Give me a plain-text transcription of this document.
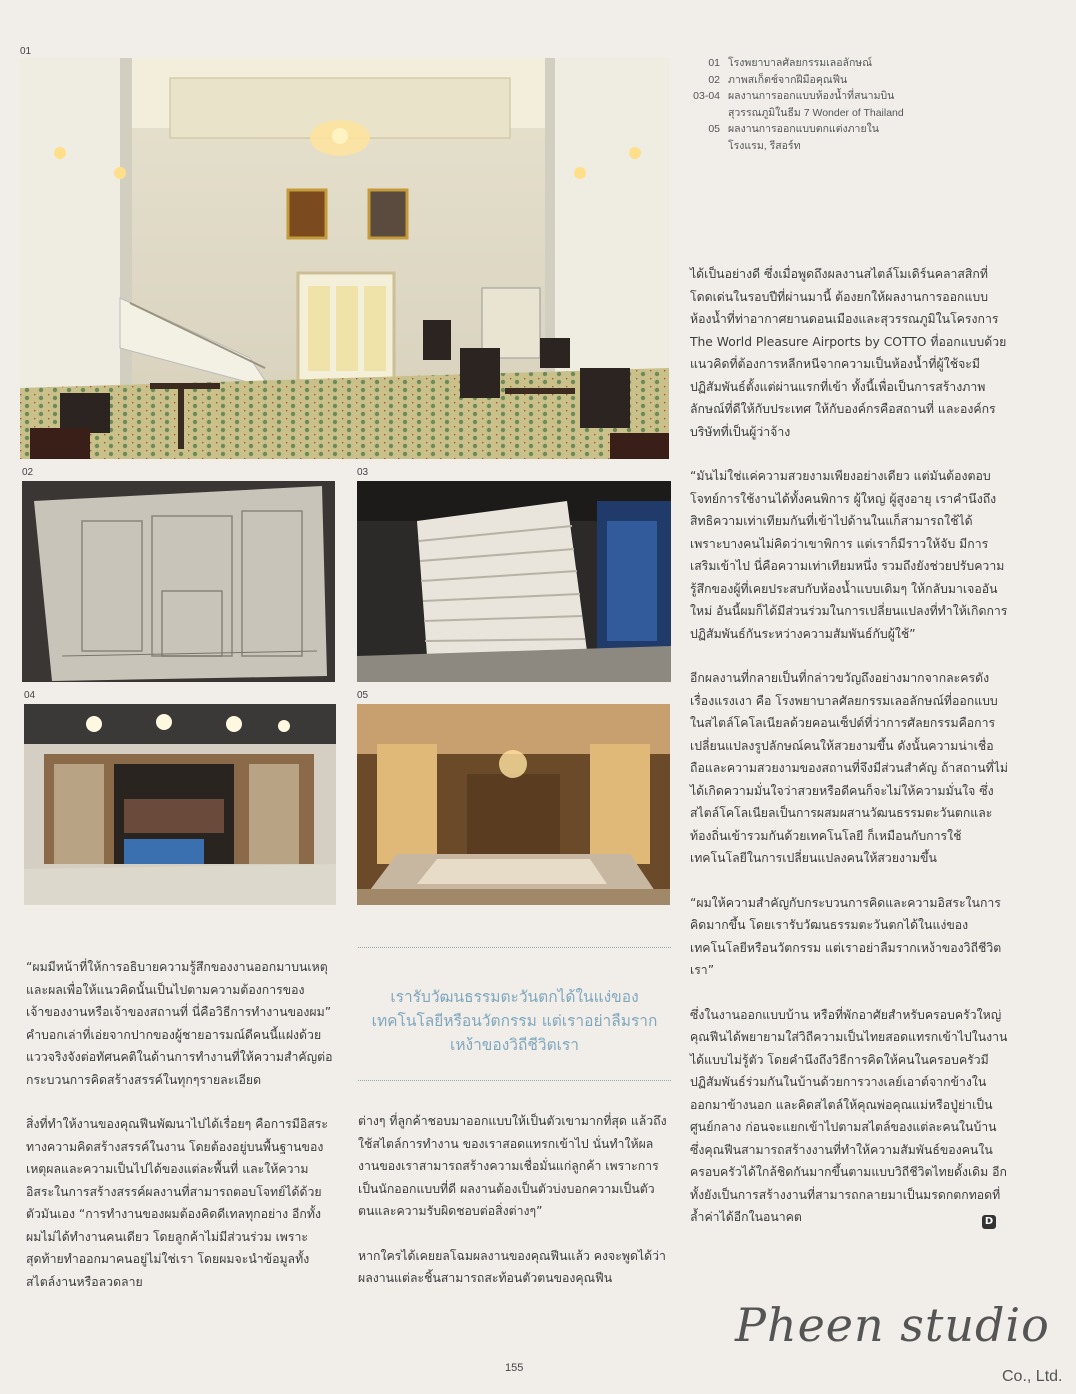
01
02	03
04	05
01 โรงพยาบาลศัลยกรรมเลอลักษณ์
02 ภาพสเก็ตช์จากฝีมือคุณฟีน
03-04 ผลงานการออกแบบห้องน้ำที่สนามบิน
สุวรรณภูมิในธีม 7 Wonder of Thailand
05 ผลงานการออกแบบตกแต่งภายใน
โรงแรม, รีสอร์ท

ได้เป็นอย่างดี ซึ่งเมื่อพูดถึงผลงานสไตล์โมเดิร์นคลาสสิกที่โดดเด่นในรอบปีที่ผ่านมานี้ ต้องยกให้ผลงานการออกแบบห้องน้ำที่ท่าอากาศยานดอนเมืองและสุวรรณภูมิในโครงการ The World Pleasure Airports by COTTO ที่ออกแบบด้วยแนวคิดที่ต้องการหลีกหนีจากความเป็นห้องน้ำที่ผู้ใช้จะมีปฏิสัมพันธ์ตั้งแต่ผ่านแรกที่เข้า ทั้งนี้เพื่อเป็นการสร้างภาพลักษณ์ที่ดีให้กับประเทศ ให้กับองค์กรคือสถานที่ และองค์กรบริษัทที่เป็นผู้ว่าจ้าง

“มันไม่ใช่แค่ความสวยงามเพียงอย่างเดียว แต่มันต้องตอบโจทย์การใช้งานได้ทั้งคนพิการ ผู้ใหญ่ ผู้สูงอายุ เราคำนึงถึงสิทธิความเท่าเทียมกันที่เข้าไปด้านในแก็สามารถใช้ได้ เพราะบางคนไม่คิดว่าเขาพิการ แต่เราก็มีราวให้จับ มีการเสริมเข้าไป นี่คือความเท่าเทียมหนึ่ง รวมถึงยังช่วยปรับความรู้สึกของผู้ที่เคยประสบกับห้องน้ำแบบเดิมๆ ให้กลับมาเจออันใหม่ อันนี้ผมก็ได้มีส่วนร่วมในการเปลี่ยนแปลงที่ทำให้เกิดการปฏิสัมพันธ์กันระหว่างความสัมพันธ์กับผู้ใช้”

อีกผลงานที่กลายเป็นที่กล่าวขวัญถึงอย่างมากจากละครดังเรื่องแรงเงา คือ โรงพยาบาลศัลยกรรมเลอลักษณ์ที่ออกแบบในสไตล์โคโลเนียลด้วยคอนเซ็ปต์ที่ว่าการศัลยกรรมคือการเปลี่ยนแปลงรูปลักษณ์คนให้สวยงามขึ้น ดังนั้นความน่าเชื่อถือและความสวยงามของสถานที่จึงมีส่วนสำคัญ ถ้าสถานที่ไม่ได้เกิดความมั่นใจว่าสวยหรือดีคนก็จะไม่ให้ความมั่นใจ ซึ่งสไตล์โคโลเนียลเป็นการผสมผสานวัฒนธรรมตะวันตกและท้องถิ่นเข้ารวมกันด้วยเทคโนโลยี ก็เหมือนกับการใช้เทคโนโลยีในการเปลี่ยนแปลงคนให้สวยงามขึ้น

“ผมให้ความสำคัญกับกระบวนการคิดและความอิสระในการคิดมากขึ้น โดยเรารับวัฒนธรรมตะวันตกได้ในแง่ของเทคโนโลยีหรือนวัตกรรม แต่เราอย่าลืมรากเหง้าของวิถีชีวิตเรา”

ซึ่งในงานออกแบบบ้าน หรือที่พักอาศัยสำหรับครอบครัวใหญ่ คุณฟีนได้พยายามใส่วิถีความเป็นไทยสอดแทรกเข้าไปในงานได้แบบไม่รู้ตัว โดยคำนึงถึงวิธีการคิดให้คนในครอบครัวมีปฏิสัมพันธ์ร่วมกันในบ้านด้วยการวางเลย์เอาต์จากข้างในออกมาข้างนอก และคิดสไตล์ให้คุณพ่อคุณแม่หรือปู่ย่าเป็นศูนย์กลาง ก่อนจะแยกเข้าไปตามสไตล์ของแต่ละคนในบ้าน ซึ่งคุณฟีนสามารถสร้างงานที่ทำให้ความสัมพันธ์ของคนในครอบครัวได้ใกล้ชิดกันมากขึ้นตามแบบวิถีชีวิตไทยดั้งเดิม อีกทั้งยังเป็นการสร้างงานที่สามารถกลายมาเป็นมรดกตกทอดที่ล้ำค่าได้อีกในอนาคต	D

“ผมมีหน้าที่ให้การอธิบายความรู้สึกของงานออกมาบนเหตุและผลเพื่อให้แนวคิดนั้นเป็นไปตามความต้องการของเจ้าของงานหรือเจ้าของสถานที่ นี่คือวิธีการทำงานของผม” คำบอกเล่าที่เอ่ยจากปากของผู้ชายอารมณ์ดีคนนี้แฝงด้วยแววจริงจังต่อทัศนคติในด้านการทำงานที่ให้ความสำคัญต่อกระบวนการคิดสร้างสรรค์ในทุกๆรายละเอียด

สิ่งที่ทำให้งานของคุณฟีนพัฒนาไปได้เรื่อยๆ คือการมีอิสระทางความคิดสร้างสรรค์ในงาน โดยต้องอยู่บนพื้นฐานของเหตุผลและความเป็นไปได้ของแต่ละพื้นที่ และให้ความอิสระในการสร้างสรรค์ผลงานที่สามารถตอบโจทย์ได้ด้วยตัวมันเอง “การทำงานของผมต้องคิดดีเทลทุกอย่าง อีกทั้งผมไม่ได้ทำงานคนเดียว โดยลูกค้าไม่มีส่วนร่วม เพราะสุดท้ายทำออกมาคนอยู่ไม่ใช่เรา โดยผมจะนำข้อมูลทั้งสไตล์งานหรือลวดลาย

เรารับวัฒนธรรมตะวันตกได้ในแง่ของเทคโนโลยีหรือนวัตกรรม แต่เราอย่าลืมรากเหง้าของวิถีชีวิตเรา

ต่างๆ ที่ลูกค้าชอบมาออกแบบให้เป็นตัวเขามากที่สุด แล้วถึงใช้สไตล์การทำงาน ของเราสอดแทรกเข้าไป นั่นทำให้ผลงานของเราสามารถสร้างความเชื่อมั่นแก่ลูกค้า เพราะการเป็นนักออกแบบที่ดี ผลงานต้องเป็นตัวบ่งบอกความเป็นตัวตนและความรับผิดชอบต่อสิ่งต่างๆ”

หากใครได้เคยยลโฉมผลงานของคุณฟีนแล้ว คงจะพูดได้ว่าผลงานแต่ละชิ้นสามารถสะท้อนตัวตนของคุณฟีน

155
Pheen studio
Co., Ltd.
